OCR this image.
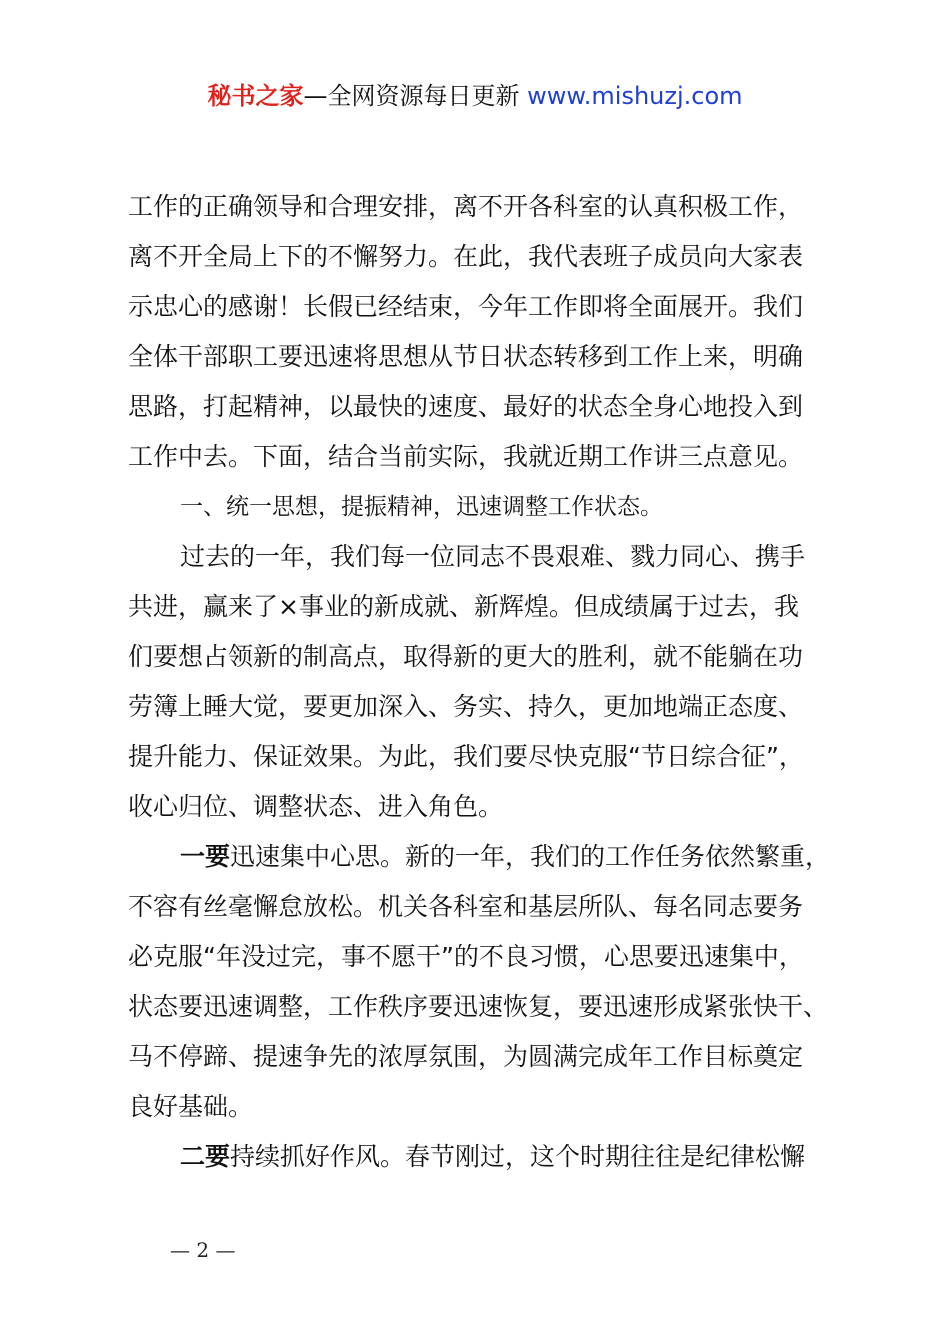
秘书之家—全网资源每日更新 www.mishuzj.com
工作的正确领导和合理安排，离不开各科室的认真积极工作，
离不开全局上下的不懈努力。在此，我代表班子成员向大家表
示忠心的感谢！长假已经结束，今年工作即将全面展开。我们
全体干部职工要迅速将思想从节日状态转移到工作上来，明确
思路，打起精神，以最快的速度、最好的状态全身心地投入到
工作中去。下面，结合当前实际，我就近期工作讲三点意见。
一、统一思想，提振精神，迅速调整工作状态。
过去的一年，我们每一位同志不畏艰难、戮力同心、携手
共进，赢来了×事业的新成就、新辉煌。但成绩属于过去，我
们要想占领新的制高点，取得新的更大的胜利，就不能躺在功
劳簿上睡大觉，要更加深入、务实、持久，更加地端正态度、
提升能力、保证效果。为此，我们要尽快克服“节日综合征”，
收心归位、调整状态、进入角色。
一要迅速集中心思。新的一年，我们的工作任务依然繁重，
不容有丝毫懈怠放松。机关各科室和基层所队、每名同志要务
必克服“年没过完，事不愿干”的不良习惯，心思要迅速集中，
状态要迅速调整，工作秩序要迅速恢复，要迅速形成紧张快干、
马不停蹄、提速争先的浓厚氛围，为圆满完成年工作目标奠定
良好基础。
二要持续抓好作风。春节刚过，这个时期往往是纪律松懈
— 2 —
